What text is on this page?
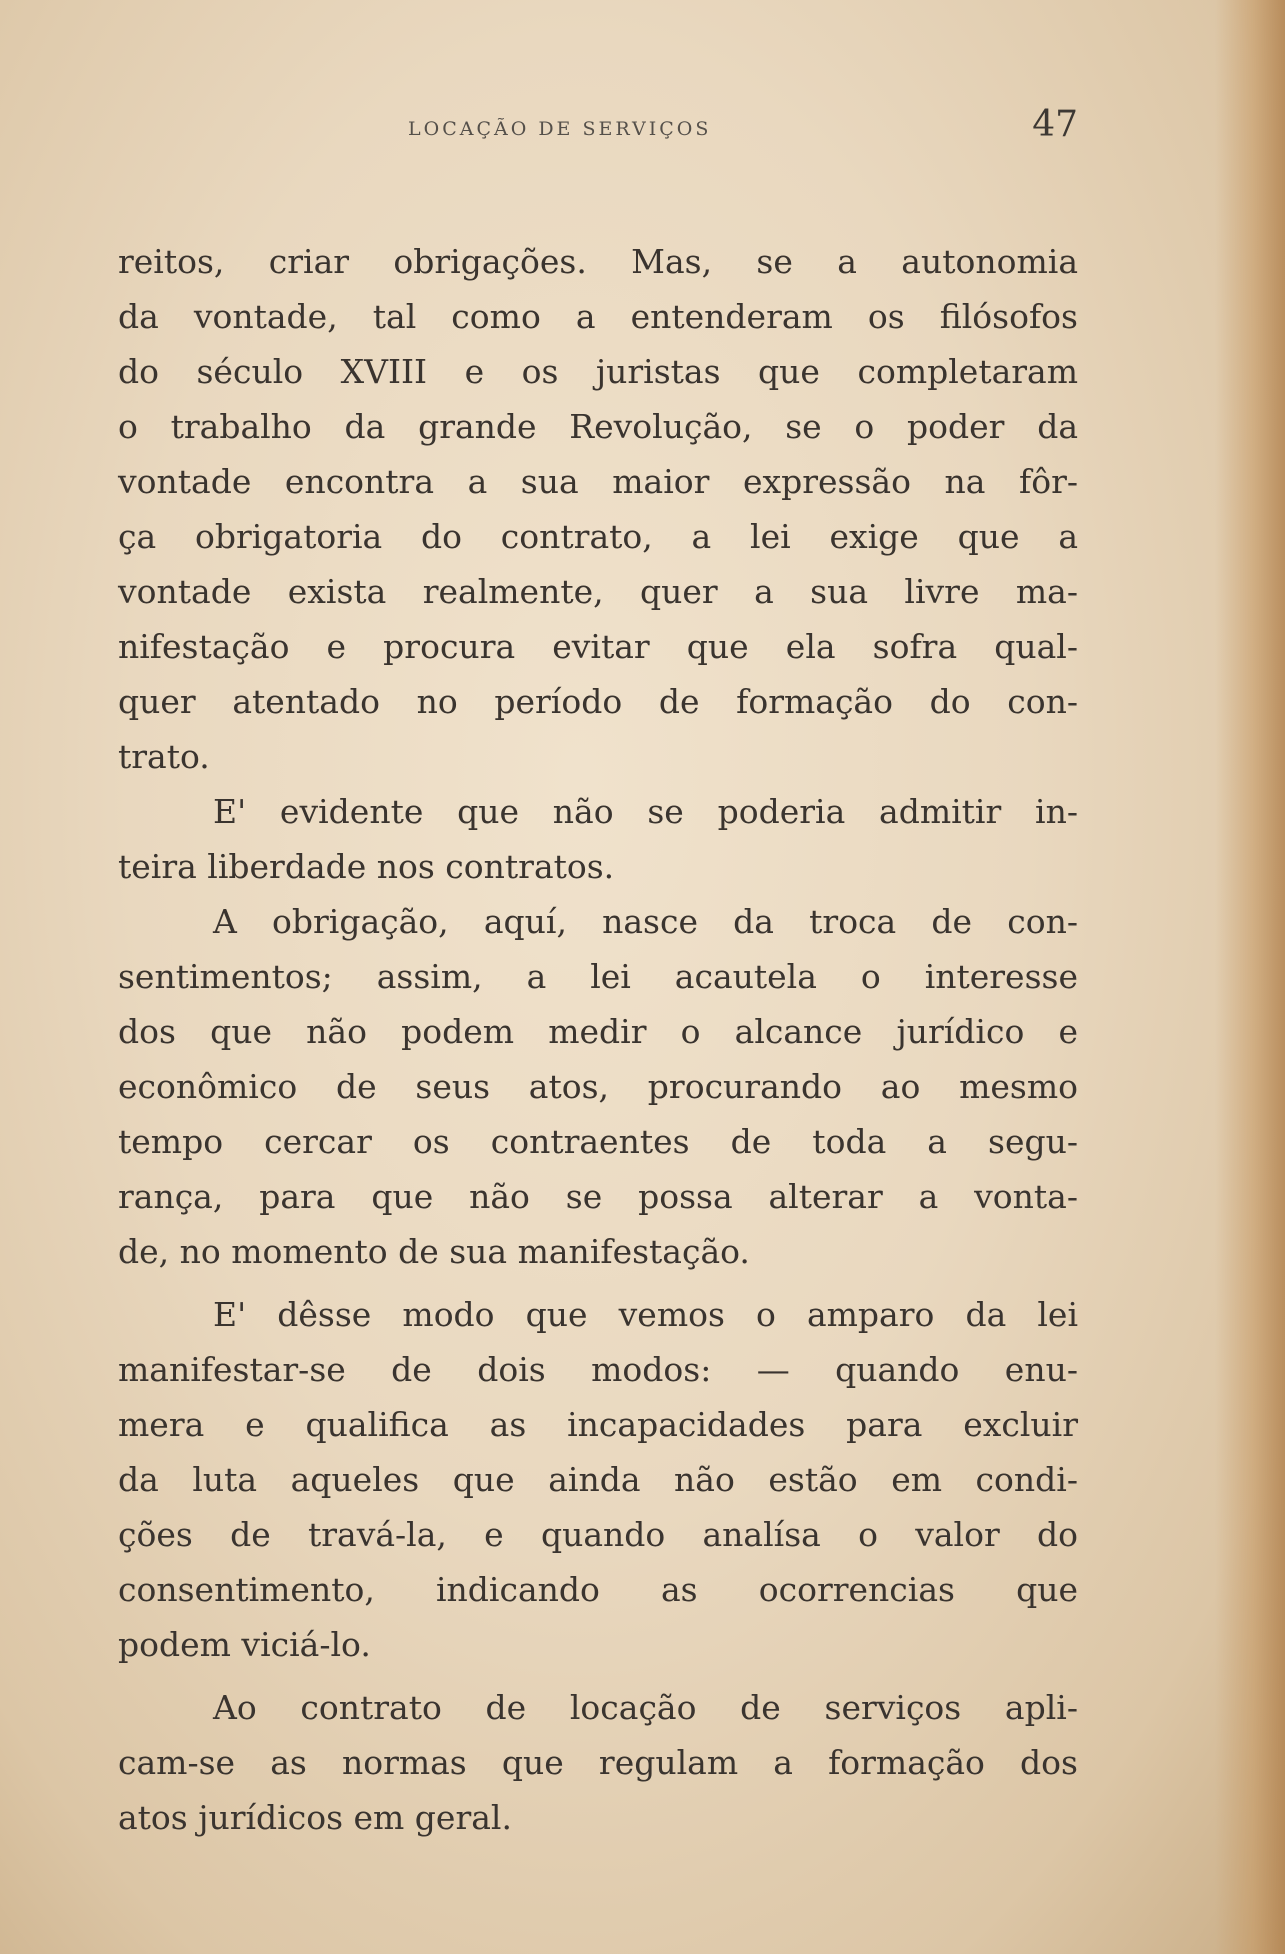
LOCAÇÃO DE SERVIÇOS	47

reitos, criar obrigações. Mas, se a autonomia
da vontade, tal como a entenderam os filósofos
do século XVIII e os juristas que completaram
o trabalho da grande Revolução, se o poder da
vontade encontra a sua maior expressão na fôr-
ça obrigatoria do contrato, a lei exige que a
vontade exista realmente, quer a sua livre ma-
nifestação e procura evitar que ela sofra qual-
quer atentado no período de formação do con-
trato.

E' evidente que não se poderia admitir in-
teira liberdade nos contratos.

A obrigação, aquí, nasce da troca de con-
sentimentos; assim, a lei acautela o interesse
dos que não podem medir o alcance jurídico e
econômico de seus atos, procurando ao mesmo
tempo cercar os contraentes de toda a segu-
rança, para que não se possa alterar a vonta-
de, no momento de sua manifestação.

E' dêsse modo que vemos o amparo da lei
manifestar-se de dois modos: — quando enu-
mera e qualifica as incapacidades para excluir
da luta aqueles que ainda não estão em condi-
ções de travá-la, e quando analísa o valor do
consentimento, indicando as ocorrencias que
podem viciá-lo.

Ao contrato de locação de serviços apli-
cam-se as normas que regulam a formação dos
atos jurídicos em geral.
